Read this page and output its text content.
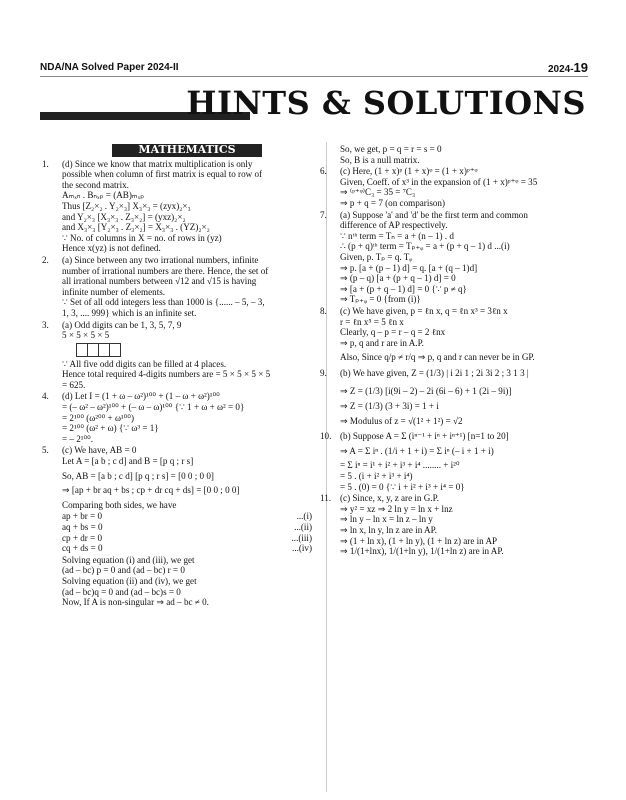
NDA/NA Solved Paper 2024-II	2024-19
HINTS & SOLUTIONS
MATHEMATICS
1. (d) Since we know that matrix multiplication is only
possible when column of first matrix is equal to row of
the second matrix.
Aₘₓₙ . Bₙₓₚ = (AB)ₘₓₚ
Thus [Z₂×₂ . Y₂×₃] X₃×₃ = (zyx)₂×₃
and Y₂×₃ [X₃×₃ . Z₃×₂] = (yxz)₂×₂
and X₃×₃ [Y₂×₃ . Z₃×₂] = X₃×₃ . (YZ)₂×₂
∵ No. of columns in X = no. of rows in (yz)
Hence x(yz) is not defined.
2. (a) Since between any two irrational numbers, infinite
number of irrational numbers are there. Hence, the set of
all irrational numbers between √12 and √15 is having
infinite number of elements.
∵ Set of all odd integers less than 1000 is {...... – 5, – 3,
1, 3, .... 999} which is an infinite set.
3. (a) Odd digits can be 1, 3, 5, 7, 9
5 × 5 × 5 × 5
∵ All five odd digits can be filled at 4 places.
Hence total required 4-digits numbers are = 5 × 5 × 5 × 5
= 625.
4. (d) Let I = (1 + ω – ω²)¹⁰⁰ + (1 – ω + ω²)¹⁰⁰
= (– ω² – ω²)¹⁰⁰ + (– ω – ω)¹⁰⁰ {∵ 1 + ω + ω² = 0}
= 2¹⁰⁰ (ω²⁰⁰ + ω¹⁰⁰)
= 2¹⁰⁰ (ω² + ω) {∵ ω³ = 1}
= – 2¹⁰⁰.
5. (c) We have, AB = 0
Let A = [a b ; c d] and B = [p q ; r s]
So, AB = [a b ; c d] [p q ; r s] = [0 0 ; 0 0]
⇒ [ap + br aq + bs ; cp + dr cq + ds] = [0 0 ; 0 0]
Comparing both sides, we have
ap + br = 0	...(i)
aq + bs = 0	...(ii)
cp + dr = 0	...(iii)
cq + ds = 0	...(iv)
Solving equation (i) and (iii), we get
(ad – bc) p = 0 and (ad – bc) r = 0
Solving equation (ii) and (iv), we get
(ad – bc)q = 0 and (ad – bc)s = 0
Now, If A is non-singular ⇒ ad – bc ≠ 0.
So, we get, p = q = r = s = 0
So, B is a null matrix.
6. (c) Here, (1 + x)ᵖ (1 + x)ᵠ = (1 + x)ᵖ⁺ᵠ
Given, Coeff. of x³ in the expansion of (1 + x)ᵖ⁺ᵠ = 35
⇒ ⁽ᵖ⁺ᵠ⁾C₃ = 35 = ⁷C₃
⇒ p + q = 7 (on comparison)
7. (a) Suppose 'a' and 'd' be the first term and common
difference of AP respectively.
∵ nᵗʰ term = Tₙ = a + (n – 1) . d
∴ (p + q)ᵗʰ term = Tₚ₊ᵩ = a + (p + q – 1) d ...(i)
Given, p. Tₚ = q. Tᵩ
⇒ p. [a + (p – 1) d] = q. [a + (q – 1)d]
⇒ (p – q) [a + (p + q – 1) d] = 0
⇒ [a + (p + q – 1) d] = 0 {∵ p ≠ q}
⇒ Tₚ₊ᵩ = 0 {from (i)}
8. (c) We have given, p = ℓn x, q = ℓn x³ = 3ℓn x
r = ℓn x⁵ = 5 ℓn x
Clearly, q – p = r – q = 2 ℓnx
⇒ p, q and r are in A.P.
Also, Since q/p ≠ r/q ⇒ p, q and r can never be in GP.
9. (b) We have given, Z = (1/3) | i 2i 1 ; 2i 3i 2 ; 3 1 3 |
⇒ Z = (1/3) [i(9i – 2) – 2i (6i – 6) + 1 (2i – 9i)]
⇒ Z = (1/3) (3 + 3i) = 1 + i
⇒ Modulus of z = √(1² + 1²) = √2
10. (b) Suppose A = Σ (iⁿ⁻¹ + iⁿ + iⁿ⁺¹) [n=1 to 20]
⇒ A = Σ iⁿ . (1/i + 1 + i) = Σ iⁿ (– i + 1 + i)
= Σ iⁿ = i¹ + i² + i³ + i⁴ ........ + i²⁰
= 5 . (i + i² + i³ + i⁴)
= 5 . (0) = 0 {∵ i + i² + i³ + i⁴ = 0}
11. (c) Since, x, y, z are in G.P.
⇒ y² = xz ⇒ 2 ln y = ln x + lnz
⇒ ln y – ln x = ln z – ln y
⇒ ln x, ln y, ln z are in AP.
⇒ (1 + ln x), (1 + ln y), (1 + ln z) are in AP
⇒ 1/(1+lnx), 1/(1+ln y), 1/(1+ln z) are in AP.
